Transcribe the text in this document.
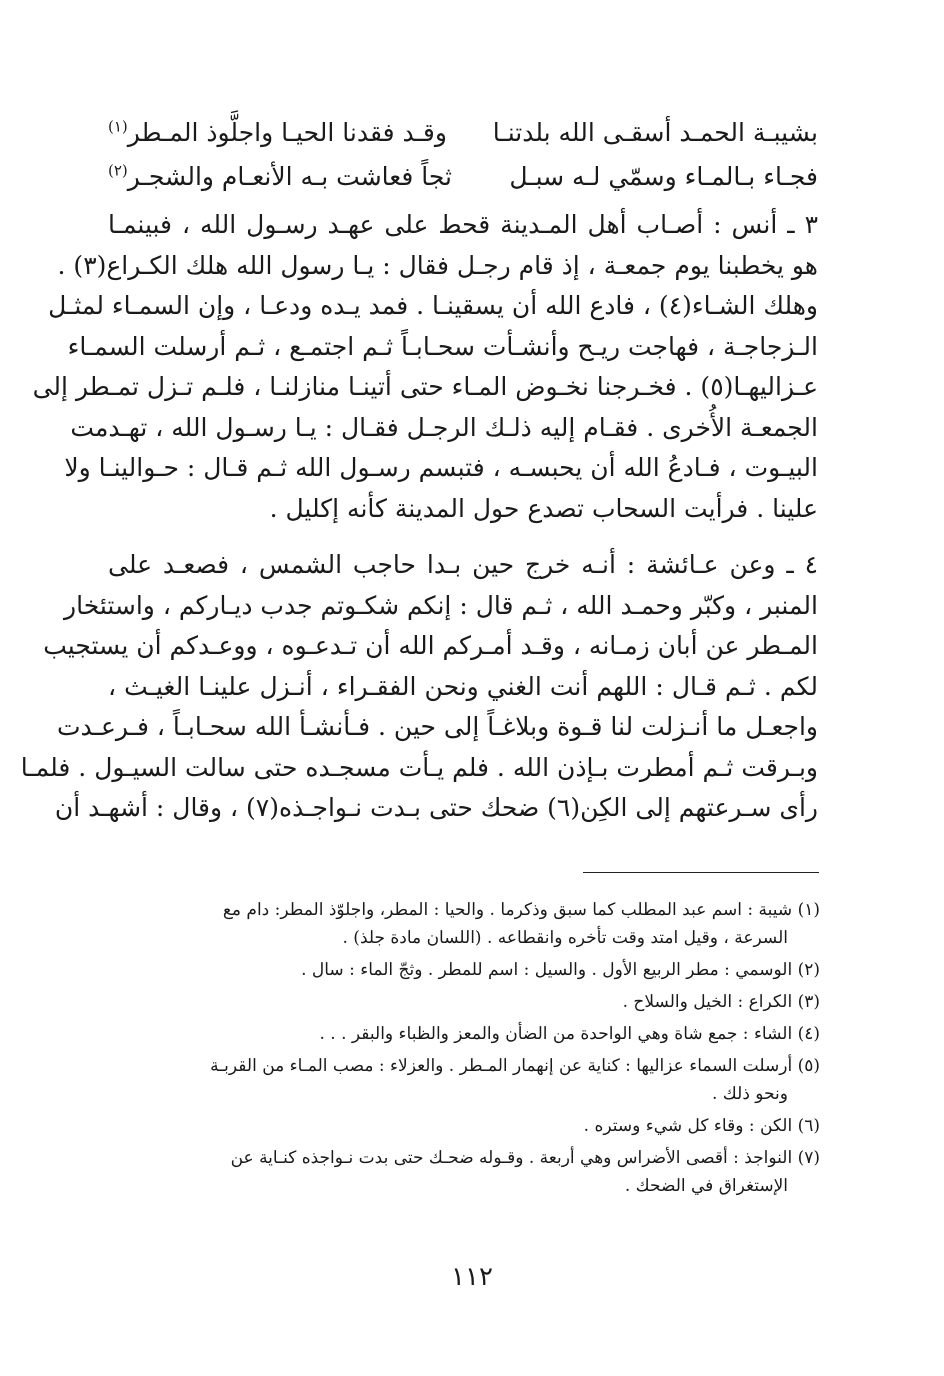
بشيبـة الحمـد أسقـى الله بلدتنـا
وقـد فقدنا الحيـا واجلَّوذ المـطر$^{(١)}$
فجـاء بـالمـاء وسمّي لـه سبـل
ثجاً فعاشت بـه الأنعـام والشجـر$^{(٢)}$
٣ ـ أنس : أصـاب أهل المـدينة قحط على عهـد رسـول الله ، فبينمـا
هو يخطبنا يوم جمعـة ، إذ قام رجـل فقال : يـا رسول الله هلك الكـراع(٣) .
وهلك الشـاء(٤) ، فادع الله أن يسقينـا . فمد يـده ودعـا ، وإن السمـاء لمثـل
الـزجاجـة ، فهاجت ريـح وأنشـأت سحـابـاً ثـم اجتمـع ، ثـم أرسلت السمـاء
عـزاليهـا(٥) . فخـرجنا نخـوض المـاء حتى أتينـا منازلنـا ، فلـم تـزل تمـطر إلى
الجمعـة الأُخرى . فقـام إليه ذلـك الرجـل فقـال : يـا رسـول الله ، تهـدمت
البيـوت ، فـادعُ الله أن يحبسـه ، فتبسم رسـول الله ثـم قـال : حـوالينـا ولا
علينا . فرأيت السحاب تصدع حول المدينة كأنه إكليل .
٤ ـ وعن عـائشة : أنـه خرج حين بـدا حاجب الشمس ، فصعـد على
المنبر ، وكبّر وحمـد الله ، ثـم قال : إنكم شكـوتم جدب ديـاركم ، واستئخار
المـطر عن أبان زمـانه ، وقـد أمـركم الله أن تـدعـوه ، ووعـدكم أن يستجيب
لكم . ثـم قـال : اللهم أنت الغني ونحن الفقـراء ، أنـزل علينـا الغيـث ،
واجعـل ما أنـزلت لنا قـوة وبلاغـاً إلى حين . فـأنشـأ الله سحـابـاً ، فـرعـدت
وبـرقت ثـم أمطرت بـإذن الله . فلم يـأت مسجـده حتى سالت السيـول . فلمـا
رأى سـرعتهم إلى الكِن(٦) ضحك حتى بـدت نـواجـذه(٧) ، وقال : أشهـد أن
(١) شيبة : اسم عبد المطلب كما سبق وذكرما . والحيا : المطر، واجلوّذ المطر: دام مع
السرعة ، وقيل امتد وقت تأخره وانقطاعه . (اللسان مادة جلذ) .
(٢) الوسمي : مطر الربيع الأول . والسيل : اسم للمطر . وثجّ الماء : سال .
(٣) الكراع : الخيل والسلاح .
(٤) الشاء : جمع شاة وهي الواحدة من الضأن والمعز والظباء والبقر . . .
(٥) أرسلت السماء عزاليها : كناية عن إنهمار المـطر . والعزلاء : مصب المـاء من القربـة
ونحو ذلك .
(٦) الكن : وقاء كل شيء وستره .
(٧) النواجذ : أقصى الأضراس وهي أربعة . وقـوله ضحـك حتى بدت نـواجذه كنـاية عن
الإستغراق في الضحك .
١١٢
